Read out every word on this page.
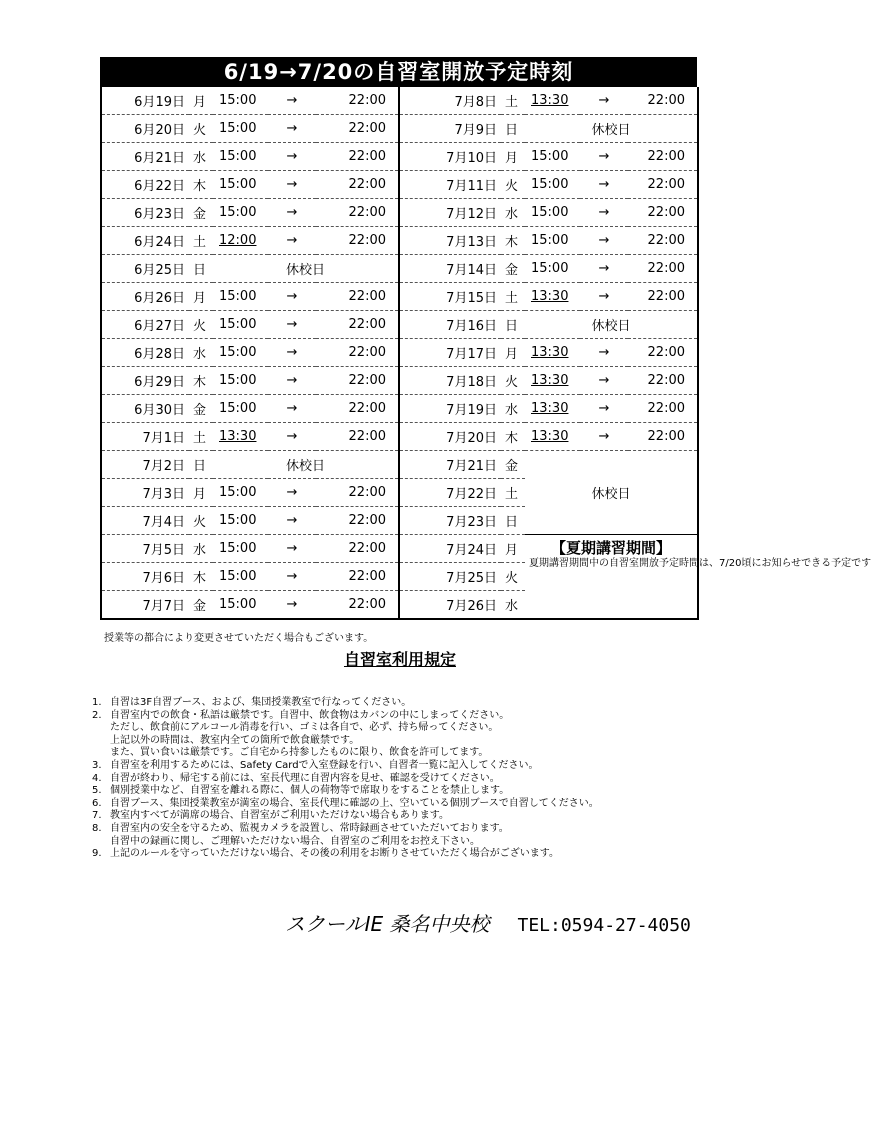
6/19→7/20の自習室開放予定時刻
6月19日	月	15:00	→	22:00	7月8日	土	13:30	→	22:00
6月20日	火	15:00	→	22:00	7月9日	日	休校日		
6月21日	水	15:00	→	22:00	7月10日	月	15:00	→	22:00
6月22日	木	15:00	→	22:00	7月11日	火	15:00	→	22:00
6月23日	金	15:00	→	22:00	7月12日	水	15:00	→	22:00
6月24日	土	12:00	→	22:00	7月13日	木	15:00	→	22:00
6月25日	日	休校日			7月14日	金	15:00	→	22:00
6月26日	月	15:00	→	22:00	7月15日	土	13:30	→	22:00
6月27日	火	15:00	→	22:00	7月16日	日	休校日		
6月28日	水	15:00	→	22:00	7月17日	月	13:30	→	22:00
6月29日	木	15:00	→	22:00	7月18日	火	13:30	→	22:00
6月30日	金	15:00	→	22:00	7月19日	水	13:30	→	22:00
7月1日	土	13:30	→	22:00	7月20日	木	13:30	→	22:00
7月2日	日	休校日			7月21日	金	休校日		
7月3日	月	15:00	→	22:00	7月22日	土			
7月4日	火	15:00	→	22:00	7月23日	日			
7月5日	水	15:00	→	22:00	7月24日	月	【夏期講習期間】
夏期講習期間中の自習室開放予定時間は、7/20頃にお知らせできる予定です		

7月6日	木	15:00	→	22:00	7月25日	火			
7月7日	金	15:00	→	22:00	7月26日	水			
授業等の都合により変更させていただく場合もございます。
自習室利用規定
1. 自習は3F自習ブース、および、集団授業教室で行なってください。
2. 自習室内での飲食・私語は厳禁です。自習中、飲食物はカバンの中にしまってください。
ただし、飲食前にアルコール消毒を行い、ゴミは各自で、必ず、持ち帰ってください。
上記以外の時間は、教室内全ての箇所で飲食厳禁です。
また、買い食いは厳禁です。ご自宅から持参したものに限り、飲食を許可してます。
3. 自習室を利用するためには、Safety Cardで入室登録を行い、自習者一覧に記入してください。
4. 自習が終わり、帰宅する前には、室長代理に自習内容を見せ、確認を受けてください。
5. 個別授業中など、自習室を離れる際に、個人の荷物等で席取りをすることを禁止します。
6. 自習ブース、集団授業教室が満室の場合、室長代理に確認の上、空いている個別ブースで自習してください。
7. 教室内すべてが満席の場合、自習室がご利用いただけない場合もあります。
8. 自習室内の安全を守るため、監視カメラを設置し、常時録画させていただいております。
自習中の録画に関し、ご理解いただけない場合、自習室のご利用をお控え下さい。
9. 上記のルールを守っていただけない場合、その後の利用をお断りさせていただく場合がございます。
スクールIE 桑名中央校 TEL:0594-27-4050
